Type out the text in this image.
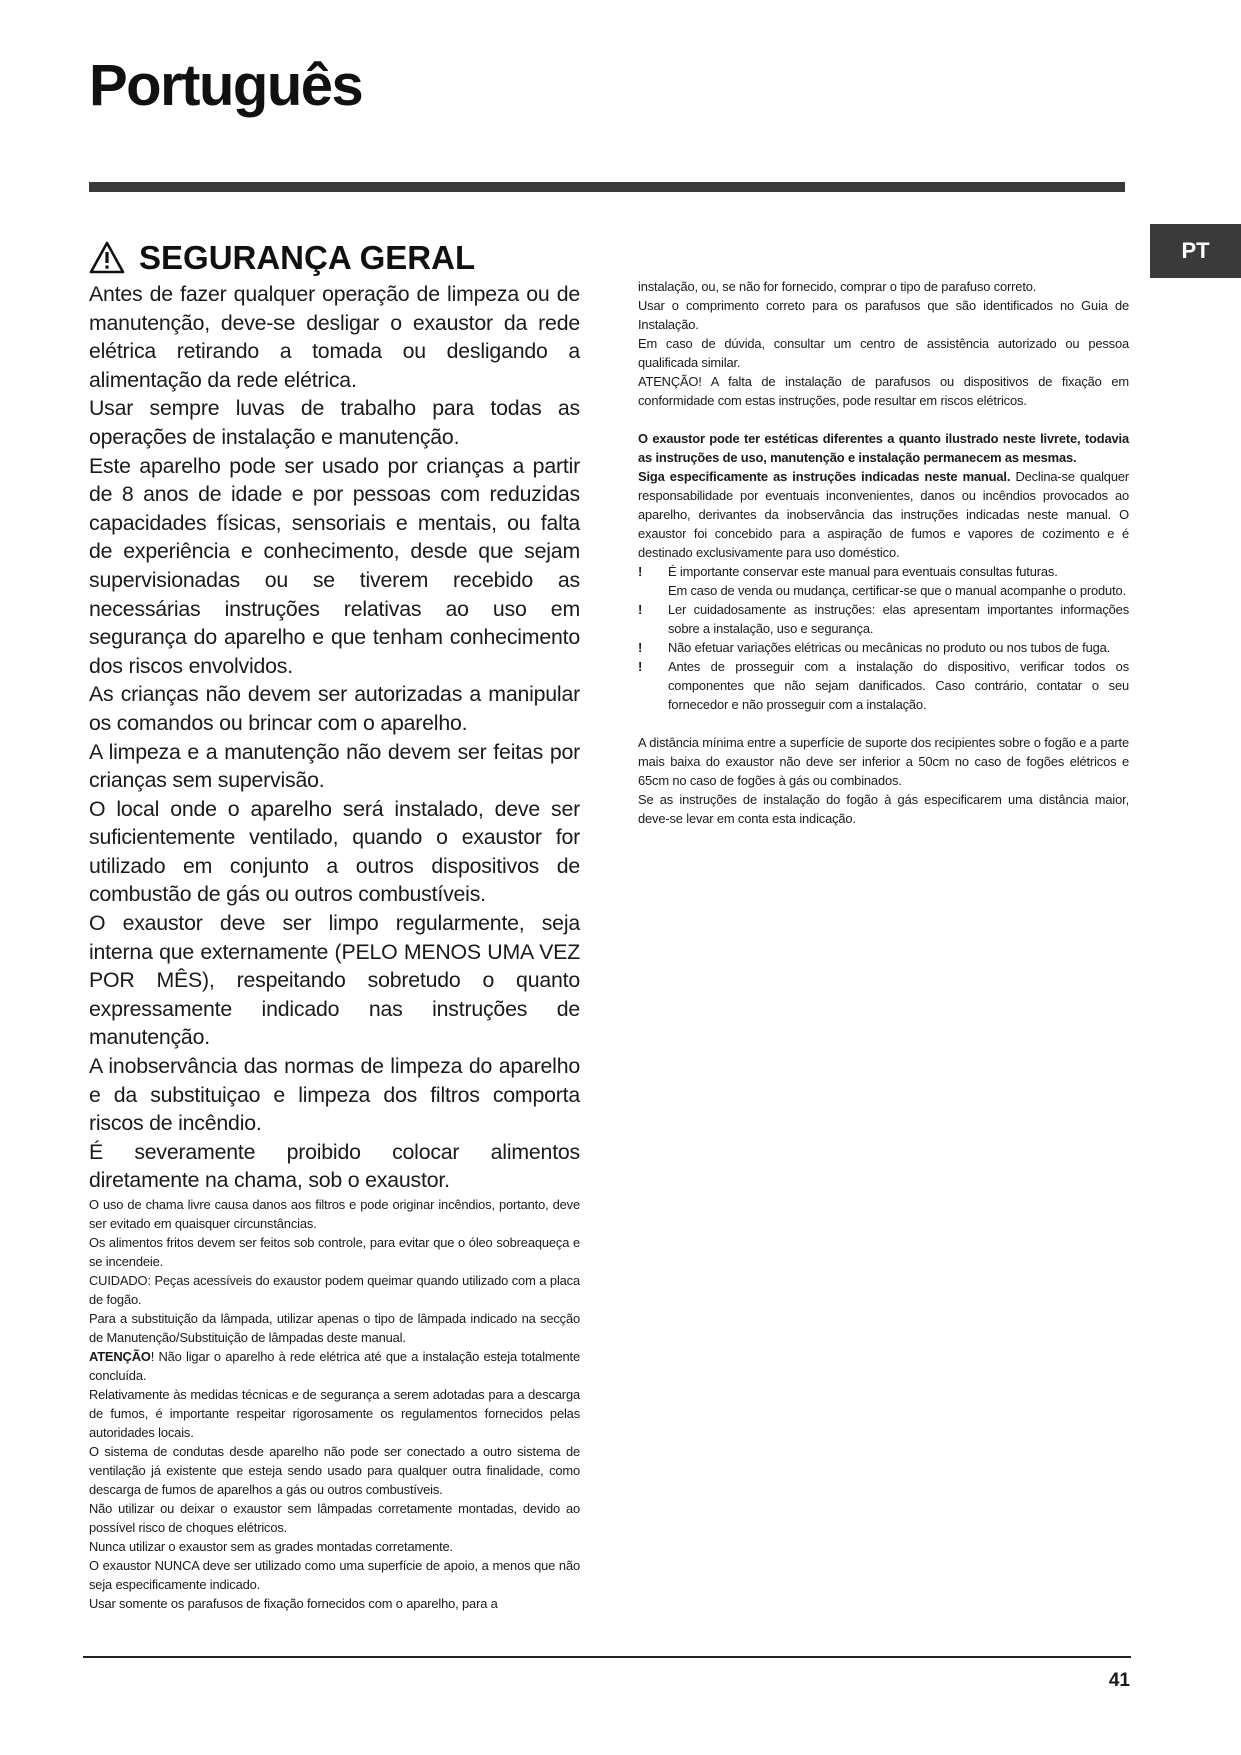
Português
PT
SEGURANÇA GERAL

Antes de fazer qualquer operação de limpeza ou de manutenção, deve-se desligar o exaustor da rede elétrica retirando a tomada ou desligando a alimentação da rede elétrica.

Usar sempre luvas de trabalho para todas as operações de instalação e manutenção.

Este aparelho pode ser usado por crianças a partir de 8 anos de idade e por pessoas com reduzidas capacidades físicas, sensoriais e mentais, ou falta de experiência e conhecimento, desde que sejam supervisionadas ou se tiverem recebido as necessárias instruções relativas ao uso em segurança do aparelho e que tenham conhecimento dos riscos envolvidos.

As crianças não devem ser autorizadas a manipular os comandos ou brincar com o aparelho.

A limpeza e a manutenção não devem ser feitas por crianças sem supervisão.

O local onde o aparelho será instalado, deve ser suficientemente ventilado, quando o exaustor for utilizado em conjunto a outros dispositivos de combustão de gás ou outros combustíveis.

O exaustor deve ser limpo regularmente, seja interna que externamente (PELO MENOS UMA VEZ POR MÊS), respeitando sobretudo o quanto expressamente indicado nas instruções de manutenção.

A inobservância das normas de limpeza do aparelho e da substituiçao e limpeza dos filtros comporta riscos de incêndio.

É severamente proibido colocar alimentos diretamente na chama, sob o exaustor.

O uso de chama livre causa danos aos filtros e pode originar incêndios, portanto, deve ser evitado em quaisquer circunstâncias.

Os alimentos fritos devem ser feitos sob controle, para evitar que o óleo sobreaqueça e se incendeie.

CUIDADO: Peças acessíveis do exaustor podem queimar quando utilizado com a placa de fogão.

Para a substituição da lâmpada, utilizar apenas o tipo de lâmpada indicado na secção de Manutenção/Substituição de lâmpadas deste manual.

ATENÇÃO! Não ligar o aparelho à rede elétrica até que a instalação esteja totalmente concluída.

Relativamente às medidas técnicas e de segurança a serem adotadas para a descarga de fumos, é importante respeitar rigorosamente os regulamentos fornecidos pelas autoridades locais.

O sistema de condutas desde aparelho não pode ser conectado a outro sistema de ventilação já existente que esteja sendo usado para qualquer outra finalidade, como descarga de fumos de aparelhos a gás ou outros combustíveis.

Não utilizar ou deixar o exaustor sem lâmpadas corretamente montadas, devido ao possível risco de choques elétricos.

Nunca utilizar o exaustor sem as grades montadas corretamente.

O exaustor NUNCA deve ser utilizado como uma superfície de apoio, a menos que não seja especificamente indicado.

Usar somente os parafusos de fixação fornecidos com o aparelho, para a

instalação, ou, se não for fornecido, comprar o tipo de parafuso correto.

Usar o comprimento correto para os parafusos que são identificados no Guia de Instalação.

Em caso de dúvida, consultar um centro de assistência autorizado ou pessoa qualificada similar.

ATENÇÃO! A falta de instalação de parafusos ou dispositivos de fixação em conformidade com estas instruções, pode resultar em riscos elétricos.

O exaustor pode ter estéticas diferentes a quanto ilustrado neste livrete, todavia as instruções de uso, manutenção e instalação permanecem as mesmas.

Siga especificamente as instruções indicadas neste manual. Declina-se qualquer responsabilidade por eventuais inconvenientes, danos ou incêndios provocados ao aparelho, derivantes da inobservância das instruções indicadas neste manual. O exaustor foi concebido para a aspiração de fumos e vapores de cozimento e é destinado exclusivamente para uso doméstico.

!	É importante conservar este manual para eventuais consultas futuras.
Em caso de venda ou mudança, certificar-se que o manual acompanhe o produto.
!	Ler cuidadosamente as instruções: elas apresentam importantes informações sobre a instalação, uso e segurança.
!	Não efetuar variações elétricas ou mecânicas no produto ou nos tubos de fuga.
!	Antes de prosseguir com a instalação do dispositivo, verificar todos os componentes que não sejam danificados. Caso contrário, contatar o seu fornecedor e não prosseguir com a instalação.

A distância mínima entre a superfície de suporte dos recipientes sobre o fogão e a parte mais baixa do exaustor não deve ser inferior a 50cm no caso de fogões elétricos e 65cm no caso de fogões à gás ou combinados.

Se as instruções de instalação do fogão à gás especificarem uma distância maior, deve-se levar em conta esta indicação.

41
